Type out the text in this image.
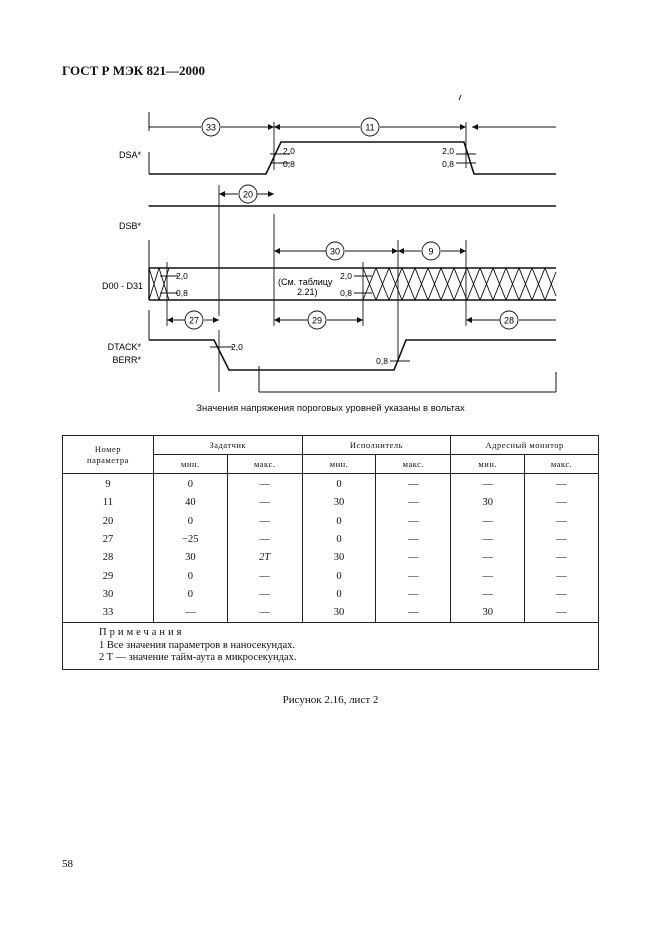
ГОСТ Р МЭК 821—2000
DSA*
DSB*
D00 - D31
DTACK*
BERR*
2,0
0,8
2,0
0,8
33	11
20
30	9
2,0
0,8
2,0
0,8
(См. таблицу
2.21)
27	29	28
2,0
0,8
Значения напряжения пороговых уровней указаны в вольтах
Номер параметра	Задатчик		Исполнитель		Адресный монитор	
	мин.	макс.	мин.	макс.	мин.	макс.
9	0	—	0	—	—	—
11	40	—	30	—	30	—
20	0	—	0	—	—	—
27	−25	—	0	—	—	—
28	30	2T	30	—	—	—
29	0	—	0	—	—	—
30	0	—	0	—	—	—
33	—	—	30	—	30	—

Примечания
1 Все значения параметров в наносекундах.
2 T — значение тайм-аута в микросекундах.						
Рисунок 2.16, лист 2
58
